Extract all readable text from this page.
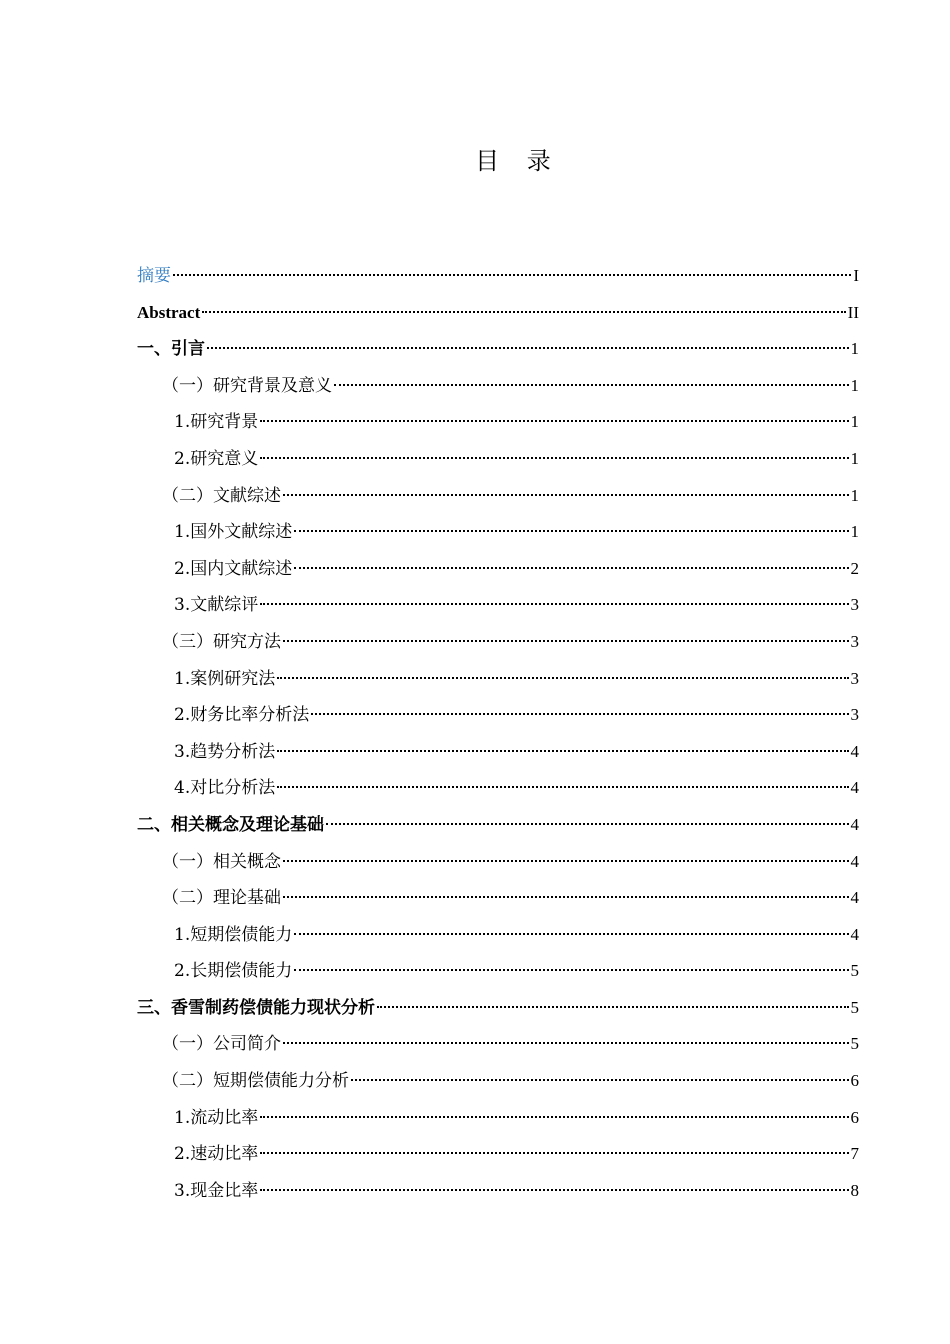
目 录
摘要	I
Abstract	II
一、引言	1
（一）研究背景及意义	1
1.研究背景	1
2.研究意义	1
（二）文献综述	1
1.国外文献综述	1
2.国内文献综述	2
3.文献综评	3
（三）研究方法	3
1.案例研究法	3
2.财务比率分析法	3
3.趋势分析法	4
4.对比分析法	4
二、相关概念及理论基础	4
（一）相关概念	4
（二）理论基础	4
1.短期偿债能力	4
2.长期偿债能力	5
三、香雪制药偿债能力现状分析	5
（一）公司简介	5
（二）短期偿债能力分析	6
1.流动比率	6
2.速动比率	7
3.现金比率	8
